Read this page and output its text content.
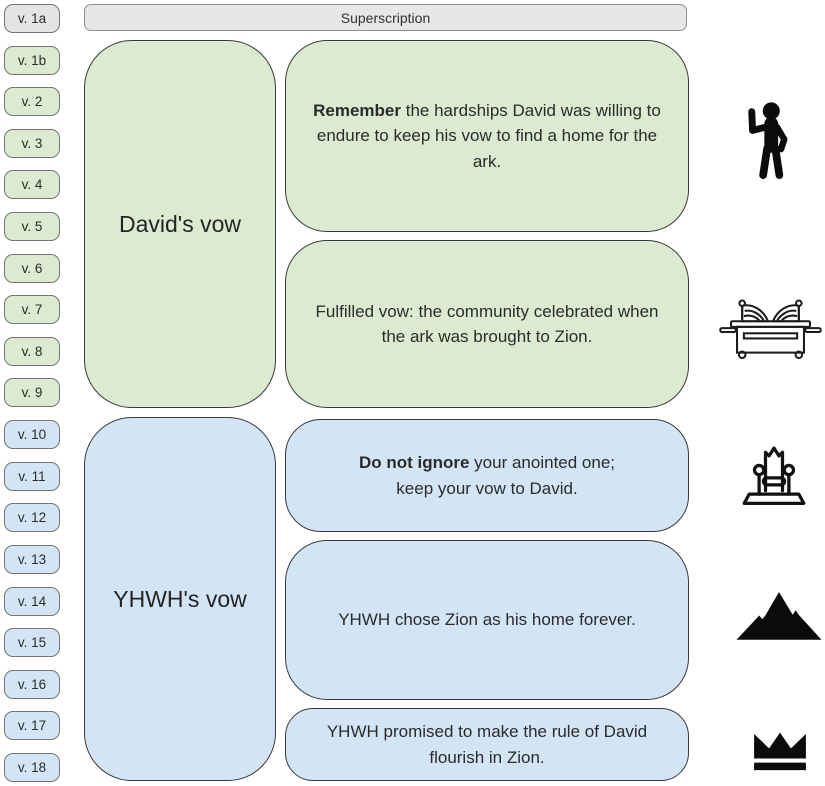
v. 1a
v. 1b
v. 2
v. 3
v. 4
v. 5
v. 6
v. 7
v. 8
v. 9
v. 10
v. 11
v. 12
v. 13
v. 14
v. 15
v. 16
v. 17
v. 18
Superscription
David's vow
YHWH's vow

Remember the hardships David was willing to endure to keep his vow to find a home for the ark.

Fulfilled vow: the community celebrated when the ark was brought to Zion.

Do not ignore your anointed one; keep your vow to David.

YHWH chose Zion as his home forever.

YHWH promised to make the rule of David flourish in Zion.
